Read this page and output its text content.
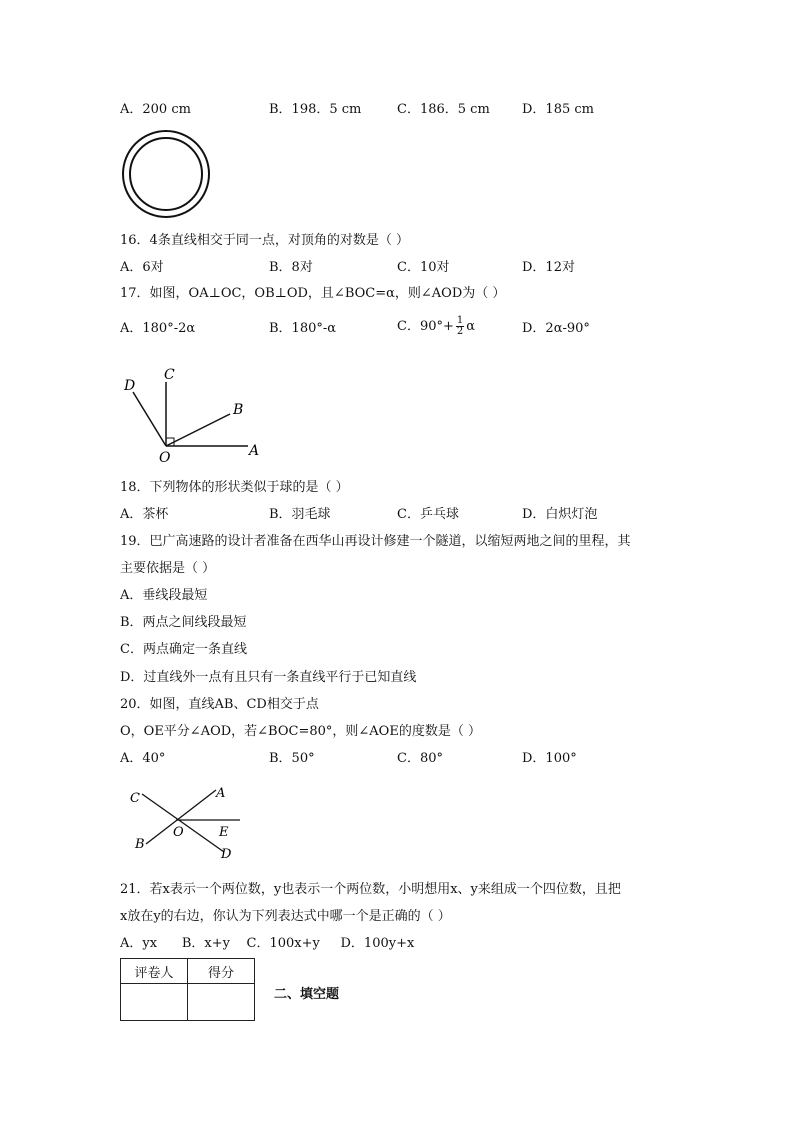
A．200 cm	B．198．5 cm	C．186．5 cm D．185 cm
16．4条直线相交于同一点，对顶角的对数是（ ）
A．6对	B．8对	C．10对	D．12对
17．如图，OA⊥OC，OB⊥OD，且∠BOC=α，则∠AOD为（ ）
A．180°-2α	B．180°-α	C．$90^\circ+ \frac{1}{2}$ α	D．2α-90°
D
C
B
O	A
18．下列物体的形状类似于球的是（ ）
A．茶杯	B．羽毛球	C．乒乓球	D．白炽灯泡
19．巴广高速路的设计者准备在西华山再设计修建一个隧道，以缩短两地之间的里程，其
主要依据是（ ）
A．垂线段最短
B．两点之间线段最短
C．两点确定一条直线
D．过直线外一点有且只有一条直线平行于已知直线
20．如图，直线AB、CD相交于点
O，OE平分∠AOD，若∠BOC=80°，则∠AOE的度数是（ ）
A．40°	B．50°	C．80°	D．100°
C	A
O	E
B
D
21．若x表示一个两位数，y也表示一个两位数，小明想用x、y来组成一个四位数，且把
x放在y的右边，你认为下列表达式中哪一个是正确的（ ）
A．yx      B．x+y    C．100x+y     D．100y+x
评卷人	得分

二、填空题
